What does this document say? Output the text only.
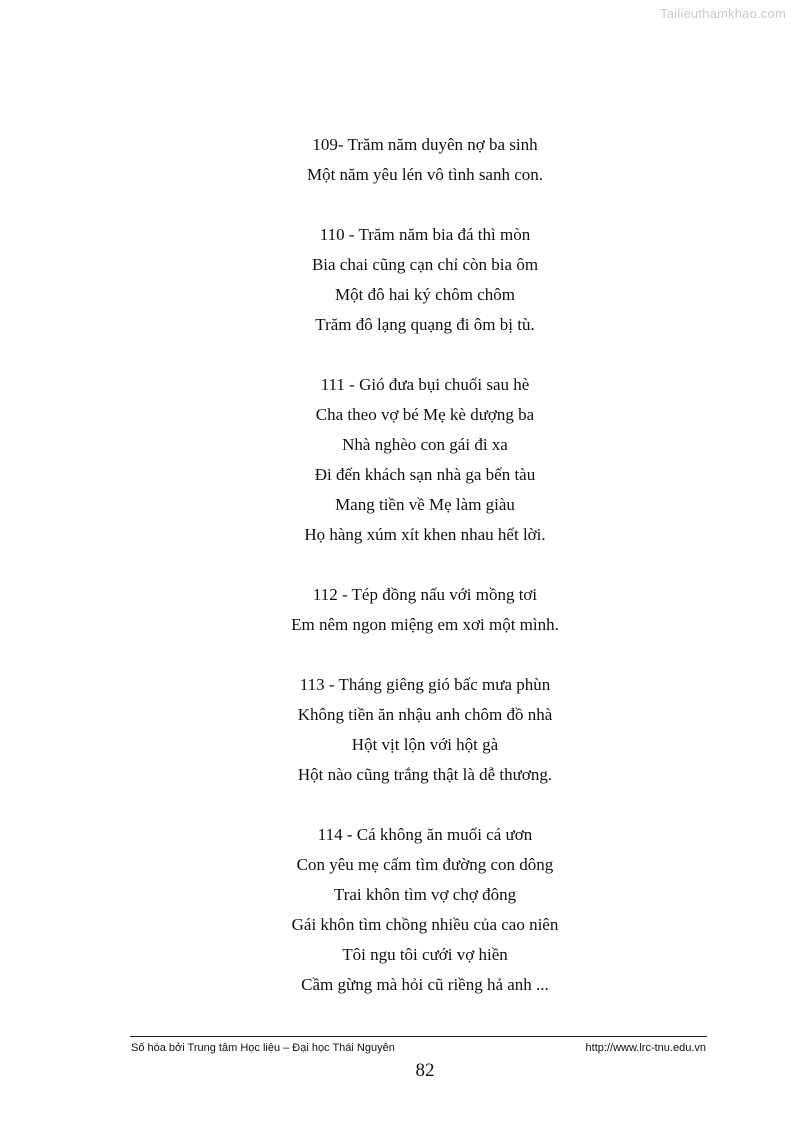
Tailieuthamkhao.com
109- Trăm năm duyên nợ ba sinh
Một năm yêu lén vô tình sanh con.
110 - Trăm năm bia đá thì mòn
Bia chai cũng cạn chỉ còn bia ôm
Một đô hai ký chôm chôm
Trăm đô lạng quạng đi ôm bị tù.
111 - Gió đưa bụi chuối sau hè
Cha theo vợ bé Mẹ kè dượng ba
Nhà nghèo con gái đi xa
Đi đến khách sạn nhà ga bến tàu
Mang tiền về Mẹ làm giàu
Họ hàng xúm xít khen nhau hết lời.
112 - Tép đồng nấu với mồng tơi
Em nêm ngon miệng em xơi một mình.
113 - Tháng giêng gió bấc mưa phùn
Không tiền ăn nhậu anh chôm đồ nhà
Hột vịt lộn với hột gà
Hột nào cũng trắng thật là dễ thương.
114 - Cá không ăn muối cá ươn
Con yêu mẹ cấm tìm đường con dông
Trai khôn tìm vợ chợ đông
Gái khôn tìm chồng nhiều của cao niên
Tôi ngu tôi cưới vợ hiền
Cầm gừng mà hỏi cũ riềng hả anh ...
Số hóa bởi Trung tâm Học liệu – Đại học Thái Nguyên	http://www.lrc-tnu.edu.vn
82
